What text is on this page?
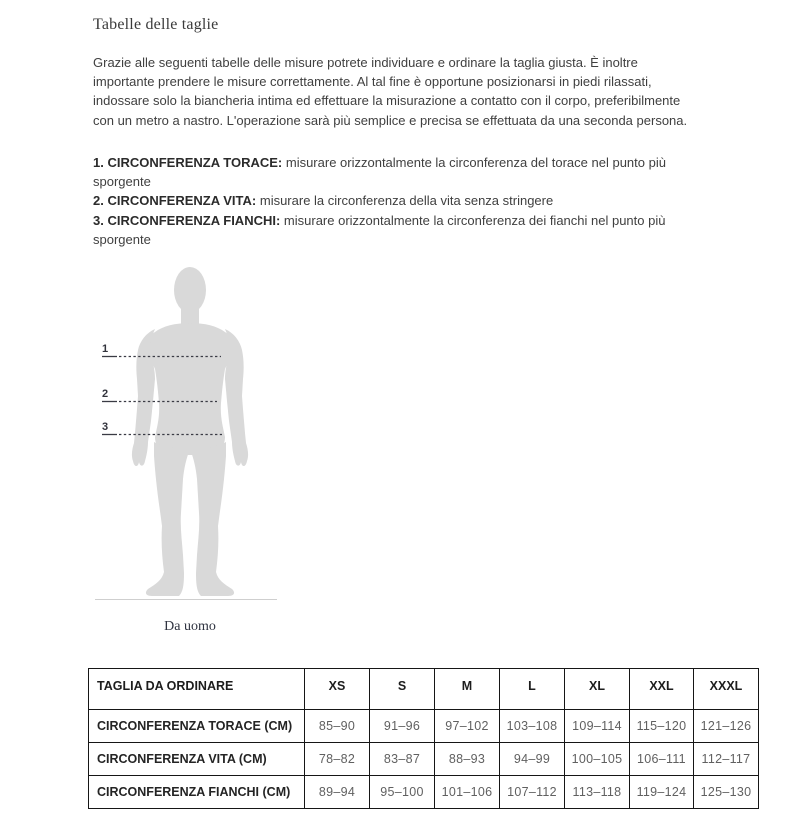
Tabelle delle taglie
Grazie alle seguenti tabelle delle misure potrete individuare e ordinare la taglia giusta. È inoltre importante prendere le misure correttamente. Al tal fine è opportune posizionarsi in piedi rilassati, indossare solo la biancheria intima ed effettuare la misurazione a contatto con il corpo, preferibilmente con un metro a nastro. L'operazione sarà più semplice e precisa se effettuata da una seconda persona.
1. CIRCONFERENZA TORACE: misurare orizzontalmente la circonferenza del torace nel punto più sporgente
2. CIRCONFERENZA VITA: misurare la circonferenza della vita senza stringere
3. CIRCONFERENZA FIANCHI: misurare orizzontalmente la circonferenza dei fianchi nel punto più sporgente
1
2
3
Da uomo
TAGLIA DA ORDINARE	XS	S	M	L	XL	XXL	XXXL
CIRCONFERENZA TORACE (CM)	85–90	91–96	97–102	103–108	109–114	115–120	121–126
CIRCONFERENZA VITA (CM)	78–82	83–87	88–93	94–99	100–105	106–111	112–117
CIRCONFERENZA FIANCHI (CM)	89–94	95–100	101–106	107–112	113–118	119–124	125–130
